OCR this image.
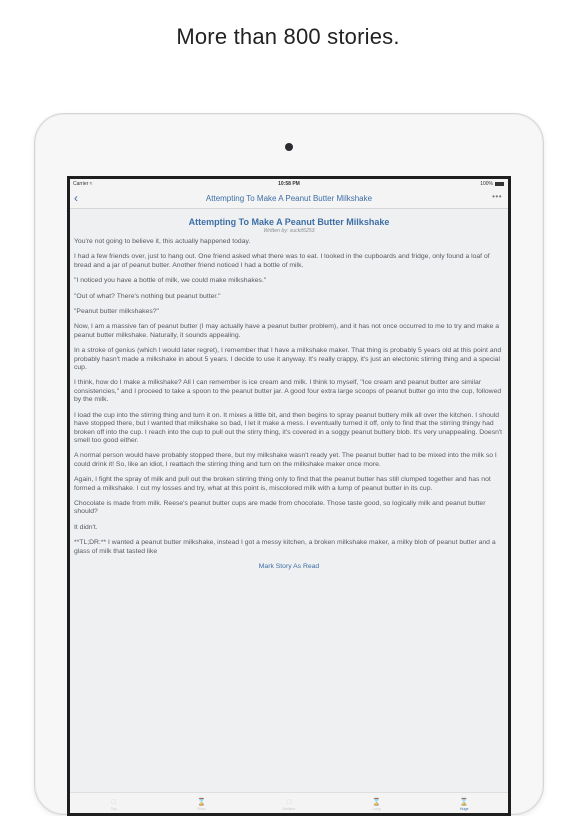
More than 800 stories.
Carrier ≈	10:58 PM	100%
‹	Attempting To Make A Peanut Butter Milkshake	•••
Attempting To Make A Peanut Butter Milkshake
Written by: suckit5253

You're not going to believe it, this actually happened today.

I had a few friends over, just to hang out. One friend asked what there was to eat. I looked in the cupboards and fridge, only found a loaf of bread and a jar of peanut butter. Another friend noticed I had a bottle of milk.

"I noticed you have a bottle of milk, we could make milkshakes."

"Out of what? There's nothing but peanut butter."

"Peanut butter milkshakes?"

Now, I am a massive fan of peanut butter (I may actually have a peanut butter problem), and it has not once occurred to me to try and make a peanut butter milkshake. Naturally, it sounds appealing.

In a stroke of genius (which I would later regret), I remember that I have a milkshake maker. That thing is probably 5 years old at this point and probably hasn't made a milkshake in about 5 years. I decide to use it anyway. It's really crappy, it's just an electonic stirring thing and a special cup.

I think, how do I make a milkshake? All I can remember is ice cream and milk. I think to myself, "Ice cream and peanut butter are similar consistencies," and I proceed to take a spoon to the peanut butter jar. A good four extra large scoops of peanut butter go into the cup, followed by the milk.

I load the cup into the stirring thing and turn it on. It mixes a little bit, and then begins to spray peanut buttery milk all over the kitchen. I should have stopped there, but I wanted that milkshake so bad, I let it make a mess. I eventually turned it off, only to find that the stirring thingy had broken off into the cup. I reach into the cup to pull out the stirry thing, it's covered in a soggy peanut buttery blob. It's very unappealing. Doesn't smell too good either.

A normal person would have probably stopped there, but my milkshake wasn't ready yet. The peanut butter had to be mixed into the milk so I could drink it! So, like an idiot, I reattach the stirring thing and turn on the milkshake maker once more.

Again, I fight the spray of milk and pull out the broken stirring thing only to find that the peanut butter has still clumped together and has not formed a milkshake. I cut my losses and try, what at this point is, miscolored milk with a lump of peanut butter in its cup.

Chocolate is made from milk. Reese's peanut butter cups are made from chocolate. Those taste good, so logically milk and peanut butter should?

It didn't.

**TL;DR:** I wanted a peanut butter milkshake, instead I got a messy kitchen, a broken milkshake maker, a milky blob of peanut butter and a glass of milk that tasted like

Mark Story As Read
□
Top
⌛
Short
□
Medium
⌛
Long
⌛
Huge
